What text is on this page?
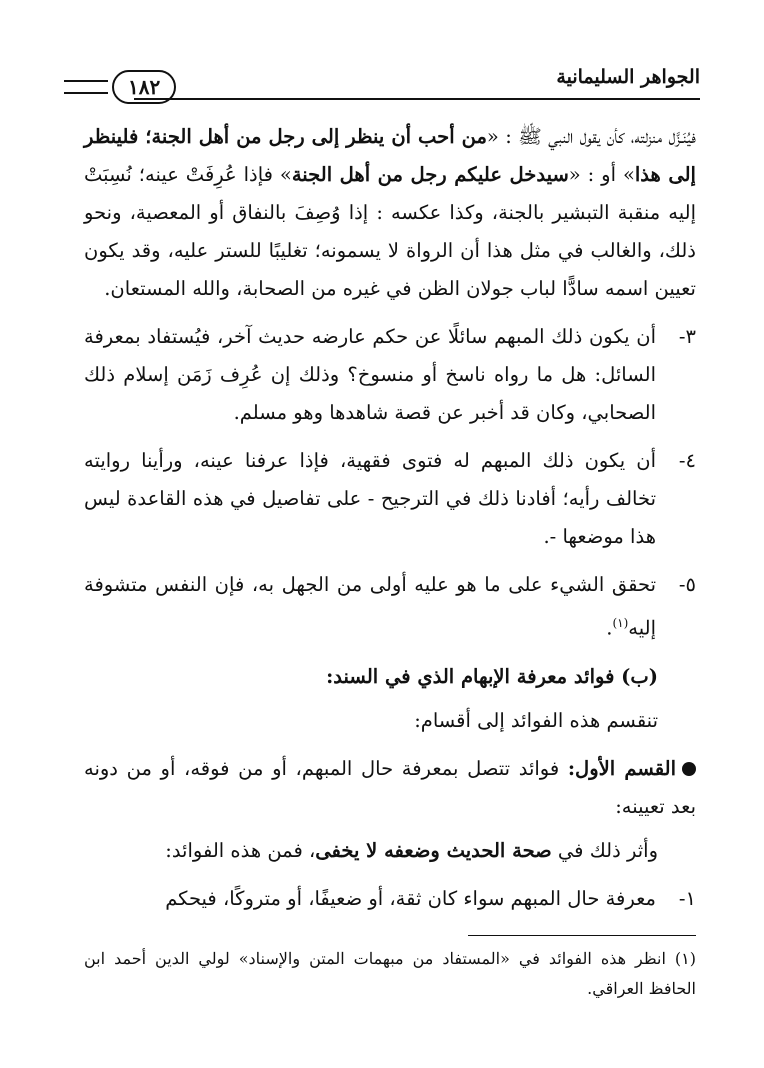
الجواهر السليمانية
١٨٢

فيُنَـزَّل منزلته، كأن يقول النبي ﷺ : «من أحب أن ينظر إلى رجل من أهل الجنة؛ فلينظر إلى هذا» أو : «سيدخل عليكم رجل من أهل الجنة» فإذا عُرِفَتْ عينه؛ نُسِبَتْ إليه منقبة التبشير بالجنة، وكذا عكسه : إذا وُصِفَ بالنفاق أو المعصية، ونحو ذلك، والغالب في مثل هذا أن الرواة لا يسمونه؛ تغليبًا للستر عليه، وقد يكون تعيين اسمه سادًّا لباب جولان الظن في غيره من الصحابة، والله المستعان.

٣-
أن يكون ذلك المبهم سائلًا عن حكم عارضه حديث آخر، فيُستفاد بمعرفة السائل: هل ما رواه ناسخ أو منسوخ؟ وذلك إن عُرِف زَمَن إسلام ذلك الصحابي، وكان قد أخبر عن قصة شاهدها وهو مسلم.
٤-
أن يكون ذلك المبهم له فتوى فقهية، فإذا عرفنا عينه، ورأينا روايته تخالف رأيه؛ أفادنا ذلك في الترجيح - على تفاصيل في هذه القاعدة ليس هذا موضعها -.
٥-
تحقق الشيء على ما هو عليه أولى من الجهل به، فإن النفس متشوفة إليه$^{(١)}$.
(ب) فوائد معرفة الإبهام الذي في السند:
تنقسم هذه الفوائد إلى أقسام:

القسم الأول: فوائد تتصل بمعرفة حال المبهم، أو من فوقه، أو من دونه بعد تعيينه:

وأثر ذلك في صحة الحديث وضعفه لا يخفى، فمن هذه الفوائد:

١-
معرفة حال المبهم سواء كان ثقة، أو ضعيفًا، أو متروكًا، فيحكم
(١) انظر هذه الفوائد في «المستفاد من مبهمات المتن والإسناد» لولي الدين أحمد ابن الحافظ العراقي.
